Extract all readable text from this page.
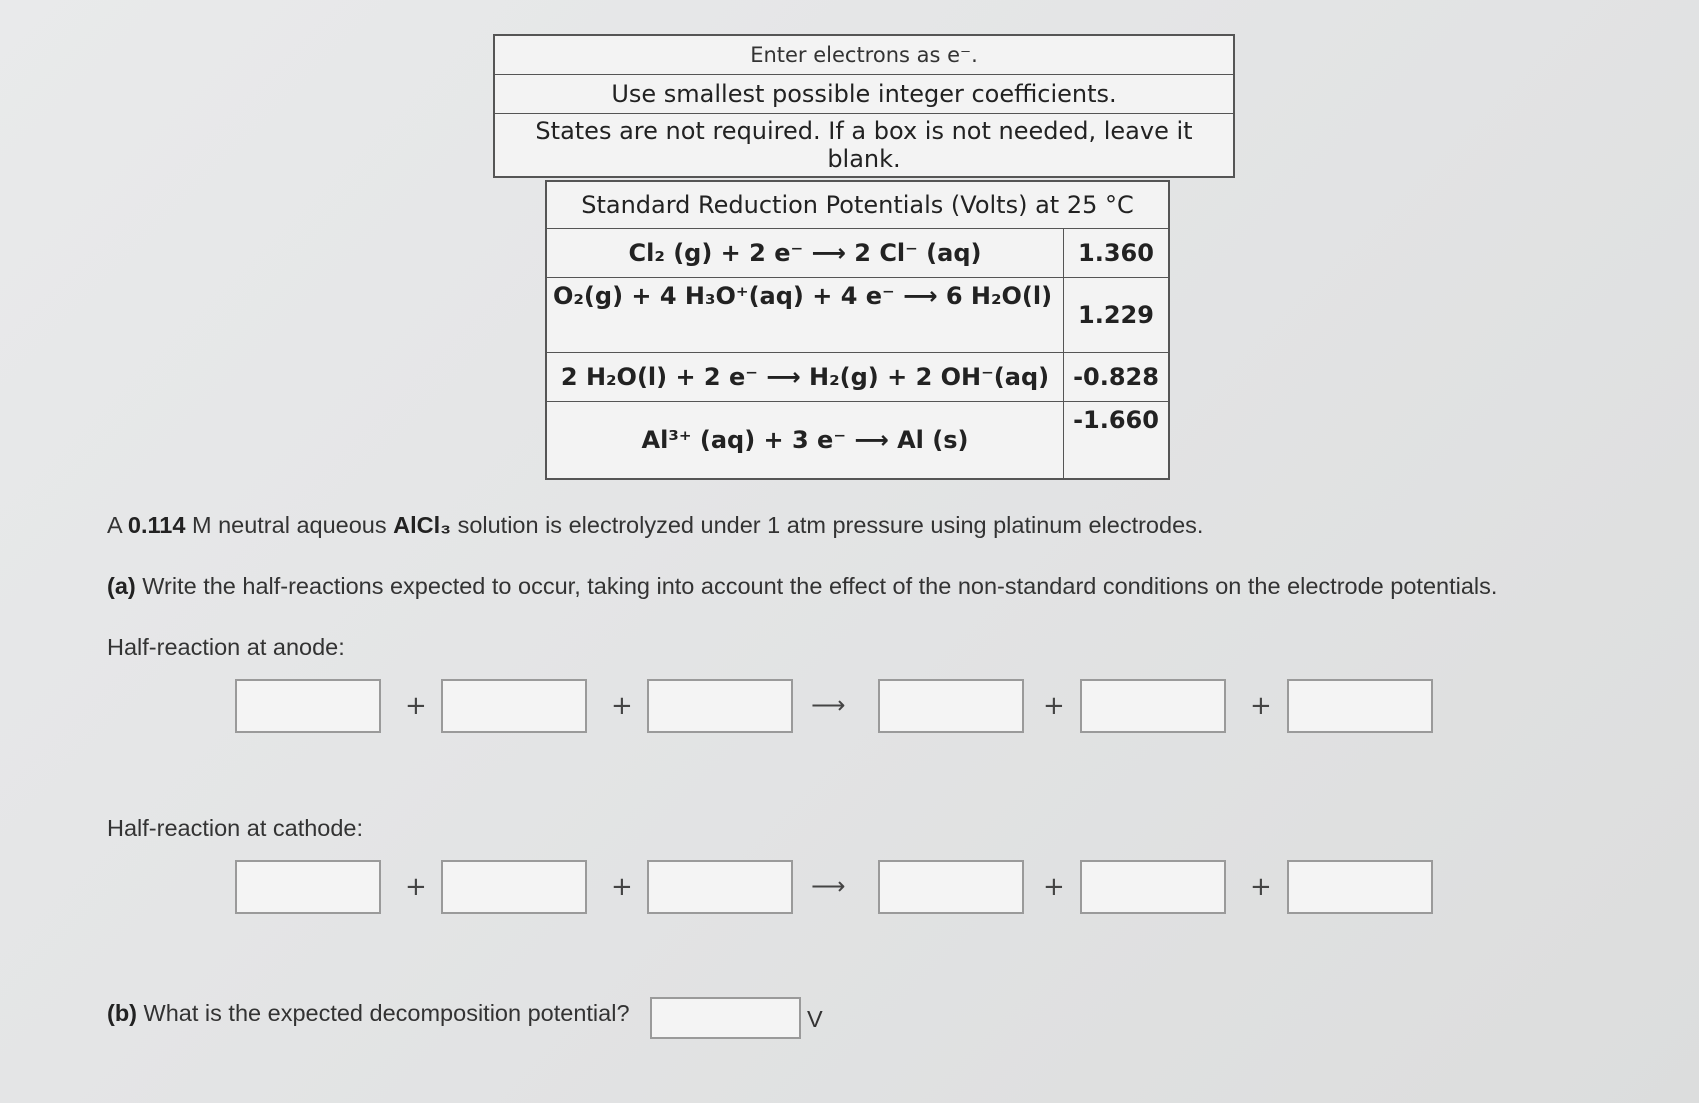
Enter electrons as e⁻.
Use smallest possible integer coefficients.
States are not required. If a box is not needed, leave it blank.
Standard Reduction Potentials (Volts) at 25 °C	
Cl₂ (g) + 2 e⁻ ⟶ 2 Cl⁻ (aq)	1.360
O₂(g) + 4 H₃O⁺(aq) + 4 e⁻ ⟶ 6 H₂O(l)	1.229
2 H₂O(l) + 2 e⁻ ⟶ H₂(g) + 2 OH⁻(aq)	-0.828
Al³⁺ (aq) + 3 e⁻ ⟶ Al (s)	-1.660
A 0.114 M neutral aqueous AlCl₃ solution is electrolyzed under 1 atm pressure using platinum electrodes.
(a) Write the half-reactions expected to occur, taking into account the effect of the non-standard conditions on the electrode potentials.
Half-reaction at anode:
+	+	⟶	+	+
Half-reaction at cathode:
+	+	⟶	+	+
(b) What is the expected decomposition potential?	V
